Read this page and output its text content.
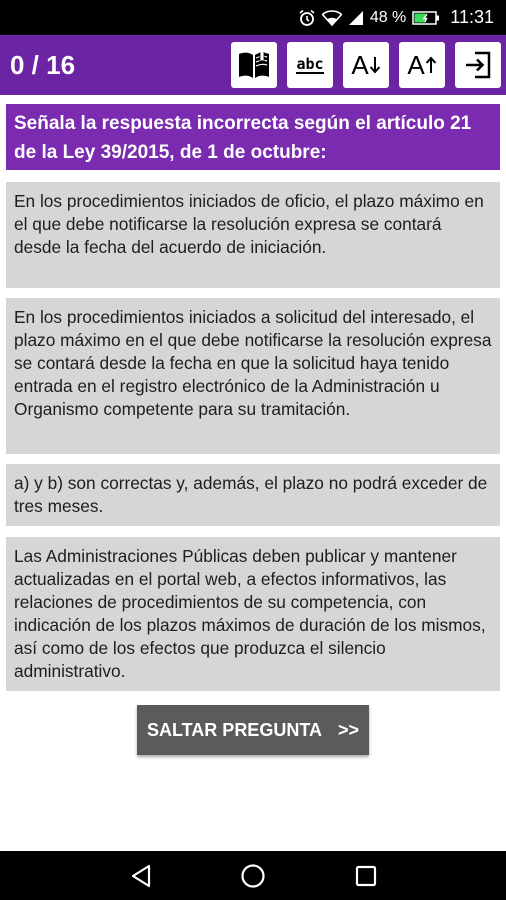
48 % 11:31
0 / 16	abc A A
Señala la respuesta incorrecta según el artículo 21 de la Ley 39/2015, de 1 de octubre:
En los procedimientos iniciados de oficio, el plazo máximo en el que debe notificarse la resolución expresa se contará desde la fecha del acuerdo de iniciación.
En los procedimientos iniciados a solicitud del interesado, el plazo máximo en el que debe notificarse la resolución expresa se contará desde la fecha en que la solicitud haya tenido entrada en el registro electrónico de la Administración u Organismo competente para su tramitación.
a) y b) son correctas y, además, el plazo no podrá exceder de tres meses.
Las Administraciones Públicas deben publicar y mantener actualizadas en el portal web, a efectos informativos, las relaciones de procedimientos de su competencia, con indicación de los plazos máximos de duración de los mismos, así como de los efectos que produzca el silencio administrativo.
SALTAR PREGUNTA >>
